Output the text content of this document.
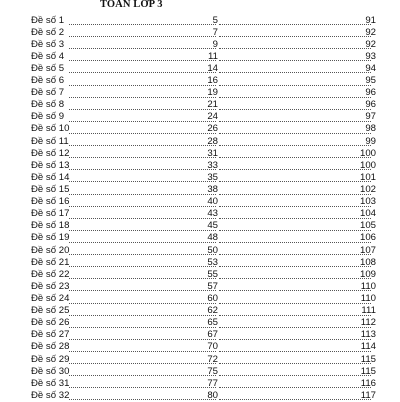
TOÁN LỚP 3
Đề số 1	5	91
Đề số 2	7	92
Đề số 3	9	92
Đề số 4	11	93
Đề số 5	14	94
Đề số 6	16	95
Đề số 7	19	96
Đề số 8	21	96
Đề số 9	24	97
Đề số 10	26	98
Đề số 11	28	99
Đề số 12	31	100
Đề số 13	33	100
Đề số 14	35	101
Đề số 15	38	102
Đề số 16	40	103
Đề số 17	43	104
Đề số 18	45	105
Đề số 19	48	106
Đề số 20	50	107
Đề số 21	53	108
Đề số 22	55	109
Đề số 23	57	110
Đề số 24	60	110
Đề số 25	62	111
Đề số 26	65	112
Đề số 27	67	113
Đề số 28	70	114
Đề số 29	72	115
Đề số 30	75	115
Đề số 31	77	116
Đề số 32	80	117
